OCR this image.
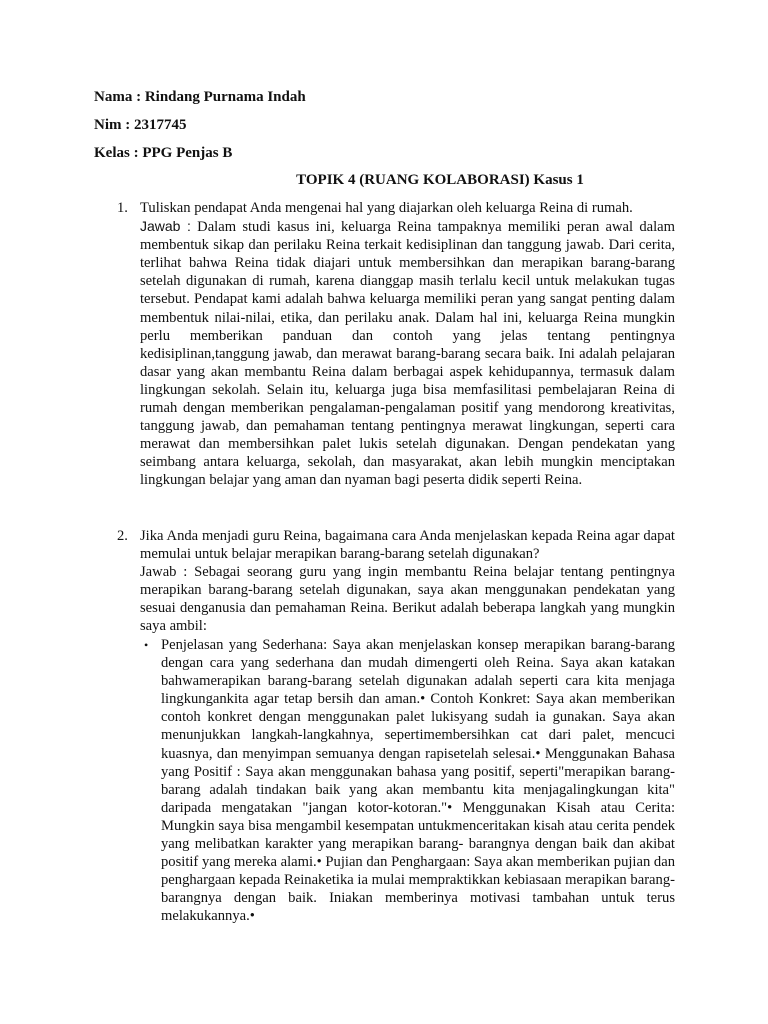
Nama : Rindang Purnama Indah
Nim : 2317745
Kelas : PPG Penjas B
TOPIK 4 (RUANG KOLABORASI) Kasus 1
1. Tuliskan pendapat Anda mengenai hal yang diajarkan oleh keluarga Reina di rumah.

Jawab : Dalam studi kasus ini, keluarga Reina tampaknya memiliki peran awal dalam membentuk sikap dan perilaku Reina terkait kedisiplinan dan tanggung jawab. Dari cerita, terlihat bahwa Reina tidak diajari untuk membersihkan dan merapikan barang-barang setelah digunakan di rumah, karena dianggap masih terlalu kecil untuk melakukan tugas tersebut. Pendapat kami adalah bahwa keluarga memiliki peran yang sangat penting dalam membentuk nilai-nilai, etika, dan perilaku anak. Dalam hal ini, keluarga Reina mungkin perlu memberikan panduan dan contoh yang jelas tentang pentingnya kedisiplinan,tanggung jawab, dan merawat barang-barang secara baik. Ini adalah pelajaran dasar yang akan membantu Reina dalam berbagai aspek kehidupannya, termasuk dalam lingkungan sekolah. Selain itu, keluarga juga bisa memfasilitasi pembelajaran Reina di rumah dengan memberikan pengalaman-pengalaman positif yang mendorong kreativitas, tanggung jawab, dan pemahaman tentang pentingnya merawat lingkungan, seperti cara merawat dan membersihkan palet lukis setelah digunakan. Dengan pendekatan yang seimbang antara keluarga, sekolah, dan masyarakat, akan lebih mungkin menciptakan lingkungan belajar yang aman dan nyaman bagi peserta didik seperti Reina.

2. Jika Anda menjadi guru Reina, bagaimana cara Anda menjelaskan kepada Reina agar dapat memulai untuk belajar merapikan barang-barang setelah digunakan?

Jawab : Sebagai seorang guru yang ingin membantu Reina belajar tentang pentingnya merapikan barang-barang setelah digunakan, saya akan menggunakan pendekatan yang sesuai denganusia dan pemahaman Reina. Berikut adalah beberapa langkah yang mungkin saya ambil:

• Penjelasan yang Sederhana: Saya akan menjelaskan konsep merapikan barang-barang dengan cara yang sederhana dan mudah dimengerti oleh Reina. Saya akan katakan bahwamerapikan barang-barang setelah digunakan adalah seperti cara kita menjaga lingkungankita agar tetap bersih dan aman.• Contoh Konkret: Saya akan memberikan contoh konkret dengan menggunakan palet lukisyang sudah ia gunakan. Saya akan menunjukkan langkah-langkahnya, sepertimembersihkan cat dari palet, mencuci kuasnya, dan menyimpan semuanya dengan rapisetelah selesai.• Menggunakan Bahasa yang Positif : Saya akan menggunakan bahasa yang positif, seperti"merapikan barang-barang adalah tindakan baik yang akan membantu kita menjagalingkungan kita" daripada mengatakan "jangan kotor-kotoran."• Menggunakan Kisah atau Cerita: Mungkin saya bisa mengambil kesempatan untukmenceritakan kisah atau cerita pendek yang melibatkan karakter yang merapikan barang- barangnya dengan baik dan akibat positif yang mereka alami.• Pujian dan Penghargaan: Saya akan memberikan pujian dan penghargaan kepada Reinaketika ia mulai mempraktikkan kebiasaan merapikan barang-barangnya dengan baik. Iniakan memberinya motivasi tambahan untuk terus melakukannya.•
